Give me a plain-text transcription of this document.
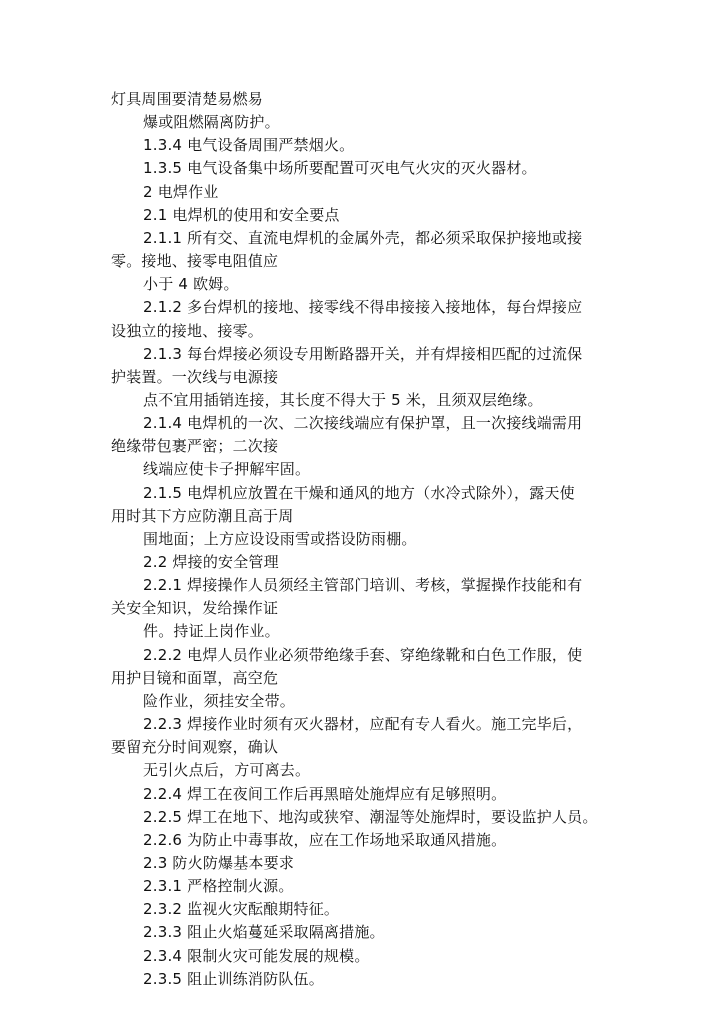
灯具周围要清楚易燃易
爆或阻燃隔离防护。
1.3.4 电气设备周围严禁烟火。
1.3.5 电气设备集中场所要配置可灭电气火灾的灭火器材。
2 电焊作业
2.1 电焊机的使用和安全要点
2.1.1 所有交、直流电焊机的金属外壳，都必须采取保护接地或接
零。接地、接零电阻值应
小于 4 欧姆。
2.1.2 多台焊机的接地、接零线不得串接接入接地体，每台焊接应
设独立的接地、接零。
2.1.3 每台焊接必须设专用断路器开关，并有焊接相匹配的过流保
护装置。一次线与电源接
点不宜用插销连接，其长度不得大于 5 米，且须双层绝缘。
2.1.4 电焊机的一次、二次接线端应有保护罩，且一次接线端需用
绝缘带包裹严密；二次接
线端应使卡子押解牢固。
2.1.5 电焊机应放置在干燥和通风的地方（水冷式除外），露天使
用时其下方应防潮且高于周
围地面；上方应设设雨雪或搭设防雨棚。
2.2 焊接的安全管理
2.2.1 焊接操作人员须经主管部门培训、考核，掌握操作技能和有
关安全知识，发给操作证
件。持证上岗作业。
2.2.2 电焊人员作业必须带绝缘手套、穿绝缘靴和白色工作服，使
用护目镜和面罩，高空危
险作业，须挂安全带。
2.2.3 焊接作业时须有灭火器材，应配有专人看火。施工完毕后，
要留充分时间观察，确认
无引火点后，方可离去。
2.2.4 焊工在夜间工作后再黑暗处施焊应有足够照明。
2.2.5 焊工在地下、地沟或狭窄、潮湿等处施焊时，要设监护人员。
2.2.6 为防止中毒事故，应在工作场地采取通风措施。
2.3 防火防爆基本要求
2.3.1 严格控制火源。
2.3.2 监视火灾酝酿期特征。
2.3.3 阻止火焰蔓延采取隔离措施。
2.3.4 限制火灾可能发展的规模。
2.3.5 阻止训练消防队伍。
